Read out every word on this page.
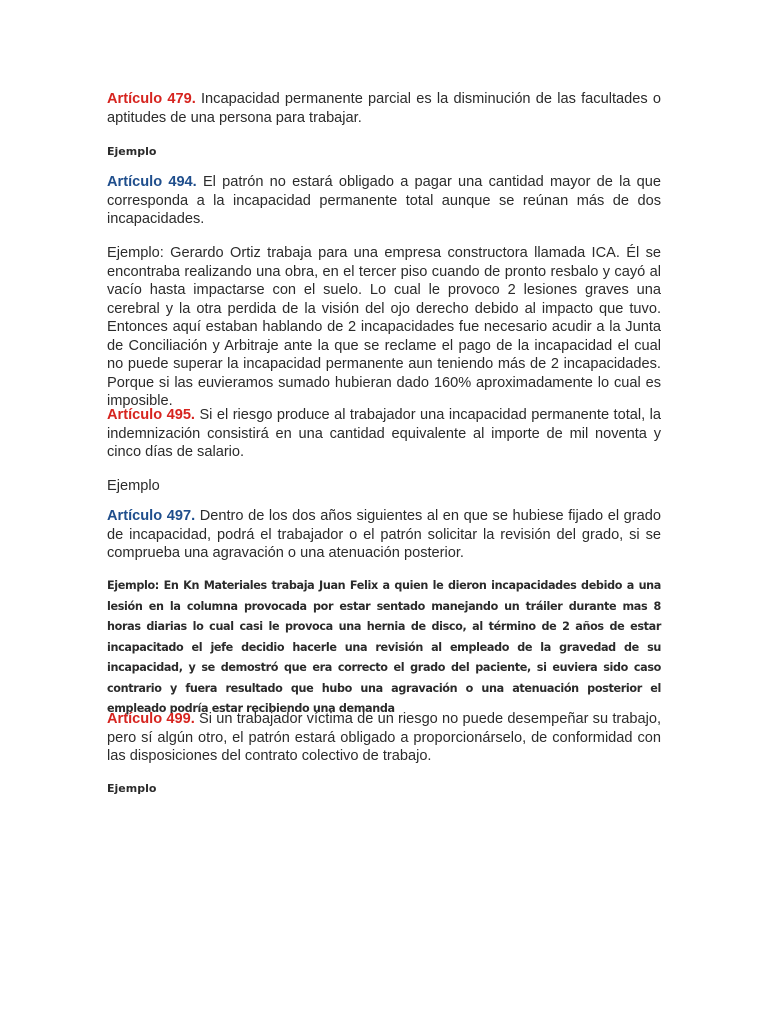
Artículo 479. Incapacidad permanente parcial es la disminución de las facultades o aptitudes de una persona para trabajar.

Ejemplo

Artículo 494. El patrón no estará obligado a pagar una cantidad mayor de la que corresponda a la incapacidad permanente total aunque se reúnan más de dos incapacidades.

Ejemplo: Gerardo Ortiz trabaja para una empresa constructora llamada ICA. Él se encontraba realizando una obra, en el tercer piso cuando de pronto resbalo y cayó al vacío hasta impactarse con el suelo. Lo cual le provoco 2 lesiones graves una cerebral y la otra perdida de la visión del ojo derecho debido al impacto que tuvo. Entonces aquí estaban hablando de 2 incapacidades fue necesario acudir a la Junta de Conciliación y Arbitraje ante la que se reclame el pago de la incapacidad el cual no puede superar la incapacidad permanente aun teniendo más de 2 incapacidades. Porque si las euvieramos sumado hubieran dado 160% aproximadamente lo cual es imposible.

Artículo 495. Si el riesgo produce al trabajador una incapacidad permanente total, la indemnización consistirá en una cantidad equivalente al importe de mil noventa y cinco días de salario.

Ejemplo

Artículo 497. Dentro de los dos años siguientes al en que se hubiese fijado el grado de incapacidad, podrá el trabajador o el patrón solicitar la revisión del grado, si se comprueba una agravación o una atenuación posterior.

Ejemplo: En Kn Materiales trabaja Juan Felix a quien le dieron incapacidades debido a una lesión en la columna provocada por estar sentado manejando un tráiler durante mas 8 horas diarias lo cual casi le provoca una hernia de disco, al término de 2 años de estar incapacitado el jefe decidio hacerle una revisión al empleado de la gravedad de su incapacidad, y se demostró que era correcto el grado del paciente, si euviera sido caso contrario y fuera resultado que hubo una agravación o una atenuación posterior el empleado podría estar recibiendo una demanda

Artículo 499. Si un trabajador víctima de un riesgo no puede desempeñar su trabajo, pero sí algún otro, el patrón estará obligado a proporcionárselo, de conformidad con las disposiciones del contrato colectivo de trabajo.

Ejemplo
